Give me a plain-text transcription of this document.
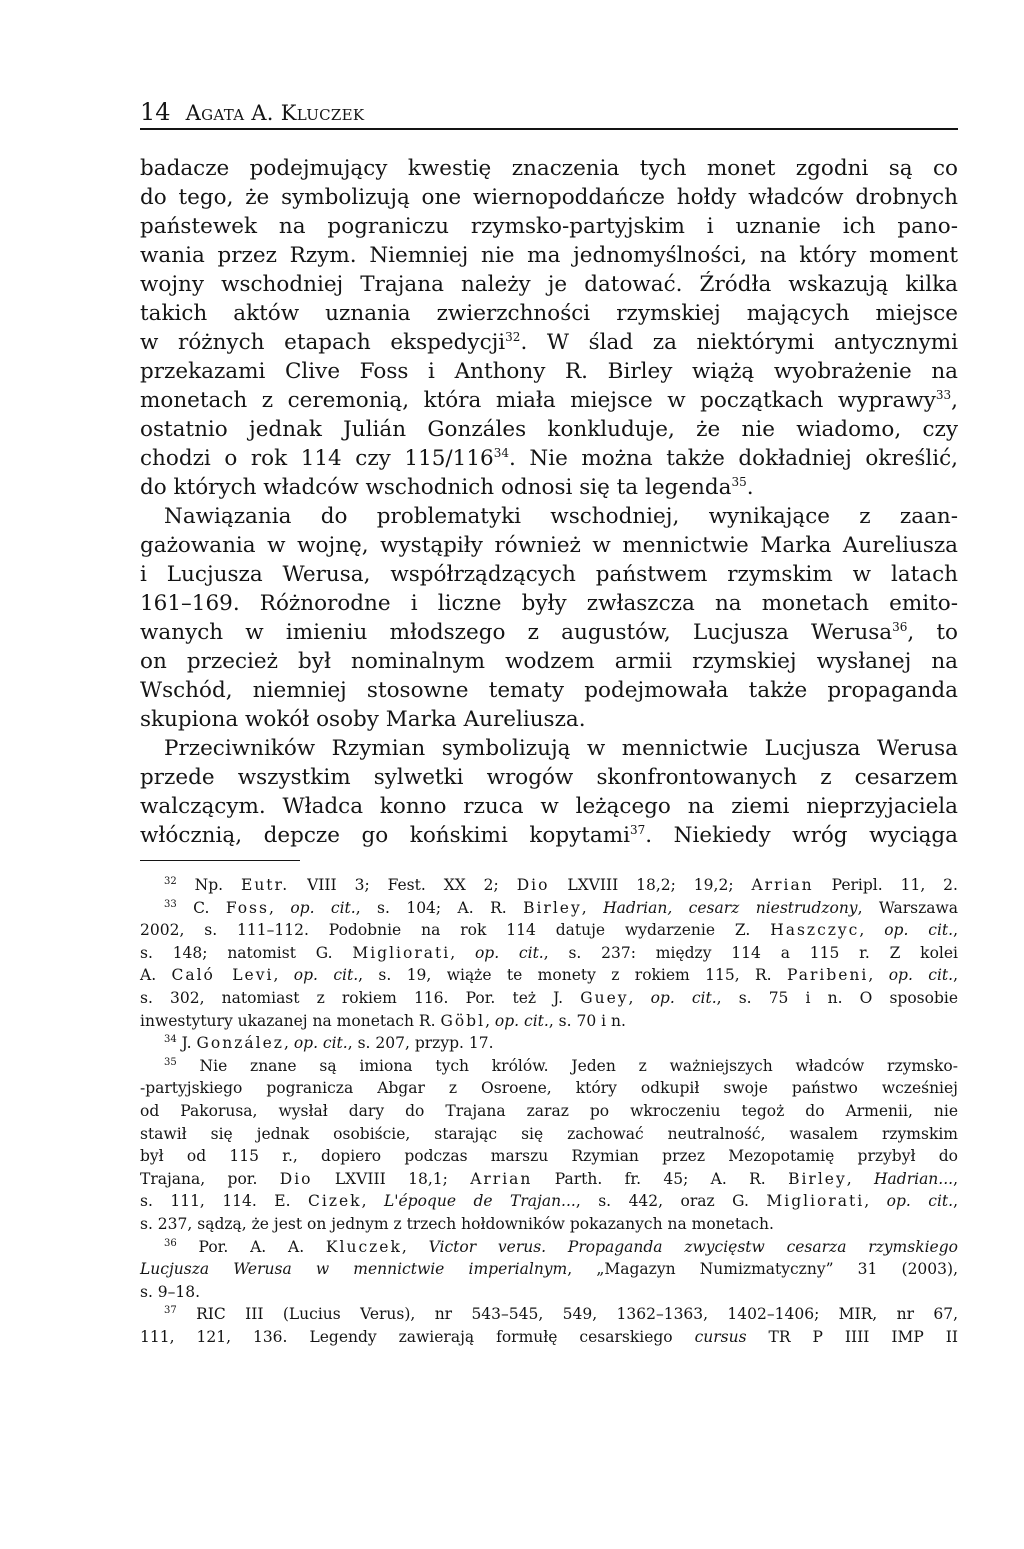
14 AGATA A. KLUCZEK
badacze podejmujący kwestię znaczenia tych monet zgodni są co
do tego, że symbolizują one wiernopoddańcze hołdy władców drobnych
państewek na pograniczu rzymsko-partyjskim i uznanie ich pano-
wania przez Rzym. Niemniej nie ma jednomyślności, na który moment
wojny wschodniej Trajana należy je datować. Źródła wskazują kilka
takich aktów uznania zwierzchności rzymskiej mających miejsce
w różnych etapach ekspedycji$^{32}$. W ślad za niektórymi antycznymi
przekazami Clive Foss i Anthony R. Birley wiążą wyobrażenie na
monetach z ceremonią, która miała miejsce w początkach wyprawy$^{33}$,
ostatnio jednak Julián Gonzáles konkluduje, że nie wiadomo, czy
chodzi o rok 114 czy $115/116^{34}$. Nie można także dokładniej określić,
do których władców wschodnich odnosi się ta legenda$^{35}$.
Nawiązania do problematyki wschodniej, wynikające z zaan-
gażowania w wojnę, wystąpiły również w mennictwie Marka Aureliusza
i Lucjusza Werusa, współrządzących państwem rzymskim w latach
161–169. Różnorodne i liczne były zwłaszcza na monetach emito-
wanych w imieniu młodszego z augustów, Lucjusza Werusa$^{36}$, to
on przecież był nominalnym wodzem armii rzymskiej wysłanej na
Wschód, niemniej stosowne tematy podejmowała także propaganda
skupiona wokół osoby Marka Aureliusza.
Przeciwników Rzymian symbolizują w mennictwie Lucjusza Werusa
przede wszystkim sylwetki wrogów skonfrontowanych z cesarzem
walczącym. Władca konno rzuca w leżącego na ziemi nieprzyjaciela
włócznią, depcze go końskimi kopytami$^{37}$. Niekiedy wróg wyciąga
$^{32}$ Np. Eutr. VIII 3; Fest. XX 2; Dio LXVIII 18,2; 19,2; Arrian Peripl. 11, 2.
$^{33}$ C. Foss, op. cit., s. 104; A. R. Birley, Hadrian, cesarz niestrudzony, Warszawa
2002, s. 111–112. Podobnie na rok 114 datuje wydarzenie Z. Haszczyc, op. cit.,
s. 148; natomist G. Migliorati, op. cit., s. 237: między 114 a 115 r. Z kolei
A. Caló Levi, op. cit., s. 19, wiąże te monety z rokiem 115, R. Paribeni, op. cit.,
s. 302, natomiast z rokiem 116. Por. też J. Guey, op. cit., s. 75 i n. O sposobie
inwestytury ukazanej na monetach R. Göbl, op. cit., s. 70 i n.
$^{34}$ J. González, op. cit., s. 207, przyp. 17.
$^{35}$ Nie znane są imiona tych królów. Jeden z ważniejszych władców rzymsko-
-partyjskiego pogranicza Abgar z Osroene, który odkupił swoje państwo wcześniej
od Pakorusa, wysłał dary do Trajana zaraz po wkroczeniu tegoż do Armenii, nie
stawił się jednak osobiście, starając się zachować neutralność, wasalem rzymskim
był od 115 r., dopiero podczas marszu Rzymian przez Mezopotamię przybył do
Trajana, por. Dio LXVIII 18,1; Arrian Parth. fr. 45; A. R. Birley, Hadrian...,
s. 111, 114. E. Cizek, L'époque de Trajan..., s. 442, oraz G. Migliorati, op. cit.,
s. 237, sądzą, że jest on jednym z trzech hołdowników pokazanych na monetach.
$^{36}$ Por. A. A. Kluczek, Victor verus. Propaganda zwycięstw cesarza rzymskiego
Lucjusza Werusa w mennictwie imperialnym, „Magazyn Numizmatyczny” 31 (2003),
s. 9–18.
$^{37}$ RIC III (Lucius Verus), nr 543–545, 549, 1362–1363, 1402–1406; MIR, nr 67,
111, 121, 136. Legendy zawierają formułę cesarskiego cursus TR P IIII IMP II
